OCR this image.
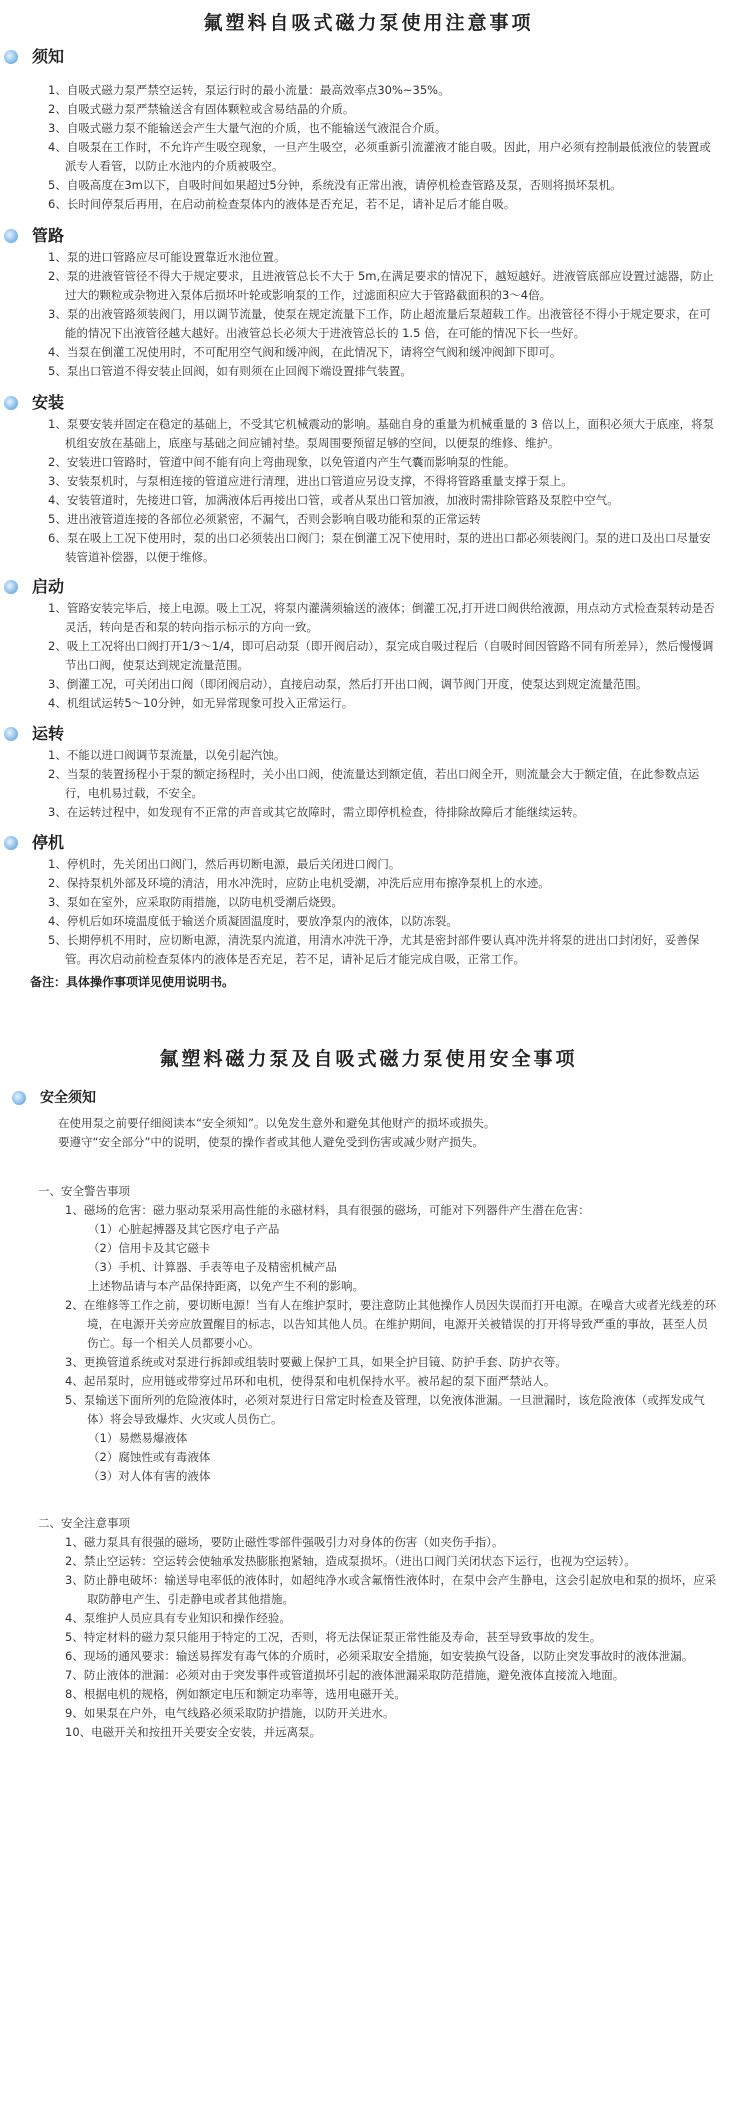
氟塑料自吸式磁力泵使用注意事项
须知
1、自吸式磁力泵严禁空运转，泵运行时的最小流量：最高效率点30%~35%。
2、自吸式磁力泵严禁输送含有固体颗粒或含易结晶的介质。
3、自吸式磁力泵不能输送会产生大量气泡的介质，也不能输送气液混合介质。
4、自吸泵在工作时，不允许产生吸空现象，一旦产生吸空，必须重新引流灌液才能自吸。因此，用户必须有控制最低液位的装置或派专人看管，以防止水池内的介质被吸空。
5、自吸高度在3m以下，自吸时间如果超过5分钟，系统没有正常出液，请停机检查管路及泵，否则将损坏泵机。
6、长时间停泵后再用，在启动前检查泵体内的液体是否充足，若不足，请补足后才能自吸。
管路
1、泵的进口管路应尽可能设置靠近水池位置。
2、泵的进液管管径不得大于规定要求，且进液管总长不大于 5m,在满足要求的情况下，越短越好。进液管底部应设置过滤器，防止过大的颗粒或杂物进入泵体后损坏叶轮或影响泵的工作，过滤面积应大于管路截面积的3～4倍。
3、泵的出液管路须装阀门，用以调节流量，使泵在规定流量下工作，防止超流量后泵超载工作。出液管径不得小于规定要求，在可能的情况下出液管径越大越好。出液管总长必须大于进液管总长的 1.5 倍，在可能的情况下长一些好。
4、当泵在倒灌工况使用时，不可配用空气阀和缓冲阀，在此情况下，请将空气阀和缓冲阀卸下即可。
5、泵出口管道不得安装止回阀，如有则须在止回阀下端设置排气装置。
安装
1、泵要安装并固定在稳定的基础上，不受其它机械震动的影响。基础自身的重量为机械重量的 3 倍以上，面积必须大于底座，将泵机组安放在基础上，底座与基础之间应铺衬垫。泵周围要预留足够的空间，以便泵的维修、维护。
2、安装进口管路时，管道中间不能有向上弯曲现象，以免管道内产生气囊而影响泵的性能。
3、安装泵机时，与泵相连接的管道应进行清理，进出口管道应另设支撑，不得将管路重量支撑于泵上。
4、安装管道时，先接进口管，加满液体后再接出口管，或者从泵出口管加液，加液时需排除管路及泵腔中空气。
5、进出液管道连接的各部位必须紧密，不漏气，否则会影响自吸功能和泵的正常运转
6、泵在吸上工况下使用时，泵的出口必须装出口阀门；泵在倒灌工况下使用时，泵的进出口都必须装阀门。泵的进口及出口尽量安装管道补偿器，以便于维修。
启动
1、管路安装完毕后，接上电源。吸上工况，将泵内灌满须输送的液体；倒灌工况,打开进口阀供给液源，用点动方式检查泵转动是否灵活，转向是否和泵的转向指示标示的方向一致。
2、吸上工况将出口阀打开1/3～1/4，即可启动泵（即开阀启动），泵完成自吸过程后（自吸时间因管路不同有所差异），然后慢慢调节出口阀，使泵达到规定流量范围。
3、倒灌工况，可关闭出口阀（即闭阀启动），直接启动泵，然后打开出口阀，调节阀门开度，使泵达到规定流量范围。
4、机组试运转5～10分钟，如无异常现象可投入正常运行。
运转
1、不能以进口阀调节泵流量，以免引起汽蚀。
2、当泵的装置扬程小于泵的额定扬程时，关小出口阀，使流量达到额定值，若出口阀全开，则流量会大于额定值，在此参数点运行，电机易过载，不安全。
3、在运转过程中，如发现有不正常的声音或其它故障时，需立即停机检查，待排除故障后才能继续运转。
停机
1、停机时，先关闭出口阀门，然后再切断电源，最后关闭进口阀门。
2、保持泵机外部及环境的清洁，用水冲洗时，应防止电机受潮，冲洗后应用布擦净泵机上的水迹。
3、泵如在室外，应采取防雨措施，以防电机受潮后烧毁。
4、停机后如环境温度低于输送介质凝固温度时，要放净泵内的液体，以防冻裂。
5、长期停机不用时，应切断电源，清洗泵内流道，用清水冲洗干净，尤其是密封部件要认真冲洗并将泵的进出口封闭好，妥善保管。再次启动前检查泵体内的液体是否充足，若不足，请补足后才能完成自吸，正常工作。
备注：具体操作事项详见使用说明书。
氟塑料磁力泵及自吸式磁力泵使用安全事项
安全须知
在使用泵之前要仔细阅读本“安全须知”。以免发生意外和避免其他财产的损坏或损失。
要遵守“安全部分”中的说明，使泵的操作者或其他人避免受到伤害或减少财产损失。
一、安全警告事项
1、磁场的危害：磁力驱动泵采用高性能的永磁材料，具有很强的磁场，可能对下列器件产生潜在危害：
（1）心脏起搏器及其它医疗电子产品
（2）信用卡及其它磁卡
（3）手机、计算器、手表等电子及精密机械产品
上述物品请与本产品保持距离，以免产生不利的影响。
2、在维修等工作之前，要切断电源！当有人在维护泵时，要注意防止其他操作人员因失误而打开电源。在噪音大或者光线差的环境，在电源开关旁应放置醒目的标志，以告知其他人员。在维护期间，电源开关被错误的打开将导致严重的事故，甚至人员伤亡。每一个相关人员都要小心。
3、更换管道系统或对泵进行拆卸或组装时要戴上保护工具，如果全护目镜、防护手套、防护衣等。
4、起吊泵时，应用链或带穿过吊环和电机，使得泵和电机保持水平。被吊起的泵下面严禁站人。
5、泵输送下面所列的危险液体时，必须对泵进行日常定时检查及管理，以免液体泄漏。一旦泄漏时，该危险液体（或挥发成气体）将会导致爆炸、火灾或人员伤亡。
（1）易燃易爆液体
（2）腐蚀性或有毒液体
（3）对人体有害的液体
二、安全注意事项
1、磁力泵具有很强的磁场，要防止磁性零部件强吸引力对身体的伤害（如夹伤手指）。
2、禁止空运转：空运转会使轴承发热膨胀抱紧轴，造成泵损坏。（进出口阀门关闭状态下运行，也视为空运转）。
3、防止静电破坏：输送导电率低的液体时，如超纯净水或含氟惰性液体时，在泵中会产生静电，这会引起放电和泵的损坏，应采取防静电产生、引走静电或者其他措施。
4、泵维护人员应具有专业知识和操作经验。
5、特定材料的磁力泵只能用于特定的工况，否则，将无法保证泵正常性能及寿命，甚至导致事故的发生。
6、现场的通风要求：输送易挥发有毒气体的介质时，必须采取安全措施，如安装换气设备，以防止突发事故时的液体泄漏。
7、防止液体的泄漏：必须对由于突发事件或管道损坏引起的液体泄漏采取防范措施，避免液体直接流入地面。
8、根据电机的规格，例如额定电压和额定功率等，选用电磁开关。
9、如果泵在户外，电气线路必须采取防护措施，以防开关进水。
10、电磁开关和按扭开关要安全安装，并远离泵。
